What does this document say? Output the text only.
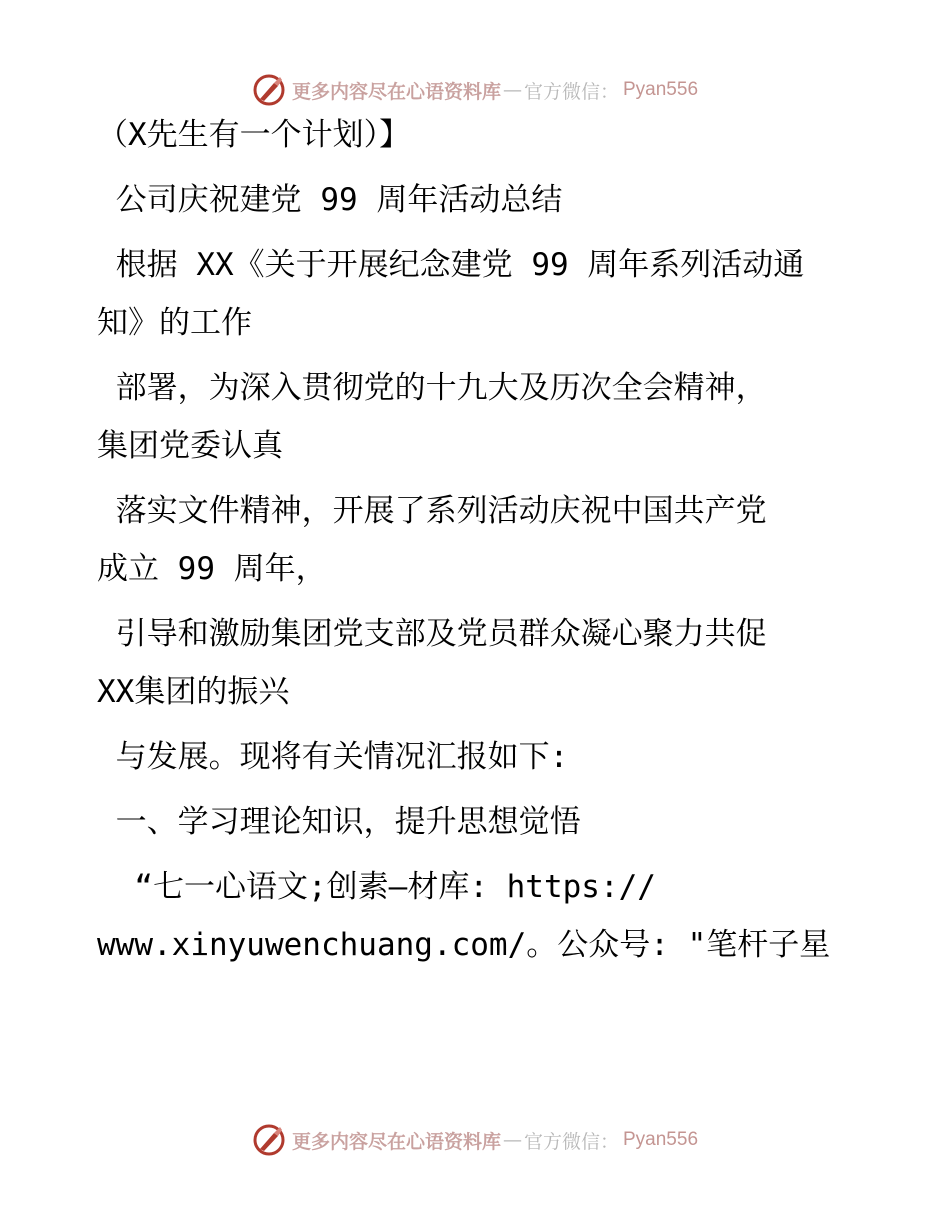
更多内容尽在心语资料库 — 官方微信： Pyan556
（X先生有一个计划）】
公司庆祝建党 99 周年活动总结
根据 XX《关于开展纪念建党 99 周年系列活动通
知》的工作
部署，为深入贯彻党的十九大及历次全会精神，
集团党委认真
落实文件精神，开展了系列活动庆祝中国共产党
成立 99 周年，
引导和激励集团党支部及党员群众凝心聚力共促
XX集团的振兴
与发展。现将有关情况汇报如下:
一、学习理论知识，提升思想觉悟
“七一心语文;创素—材库: https://
www.xinyuwenchuang.com/。公众号: "笔杆子星
更多内容尽在心语资料库 — 官方微信： Pyan556
